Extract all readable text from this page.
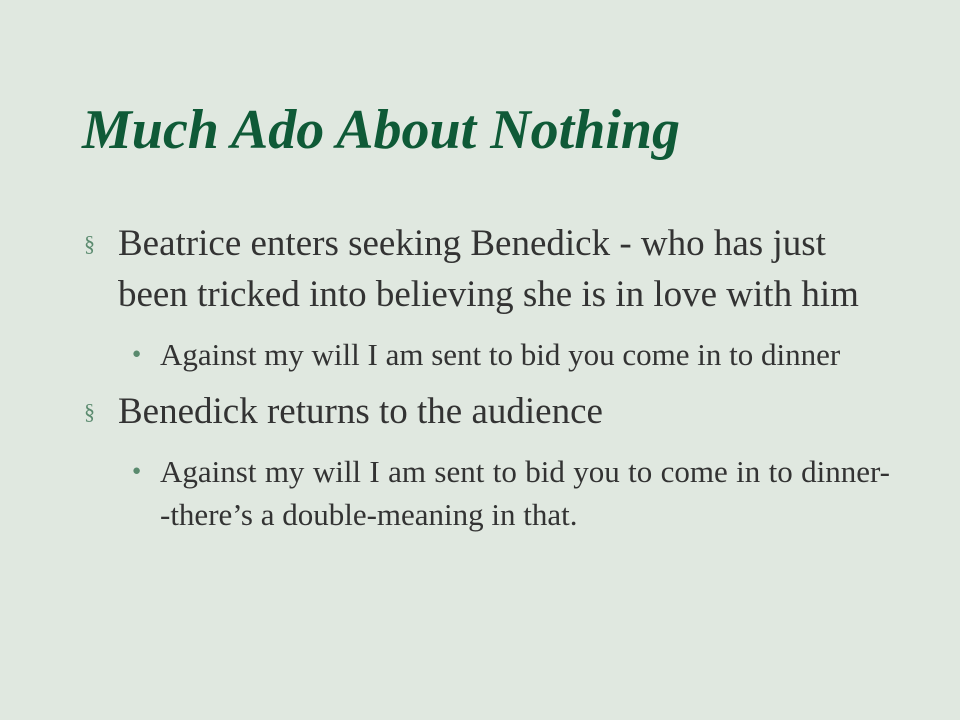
Much Ado About Nothing
§ Beatrice enters seeking Benedick - who has just been tricked into believing she is in love with him
● Against my will I am sent to bid you come in to dinner
§ Benedick returns to the audience
● Against my will I am sent to bid you to come in to dinner--there’s a double-meaning in that.
